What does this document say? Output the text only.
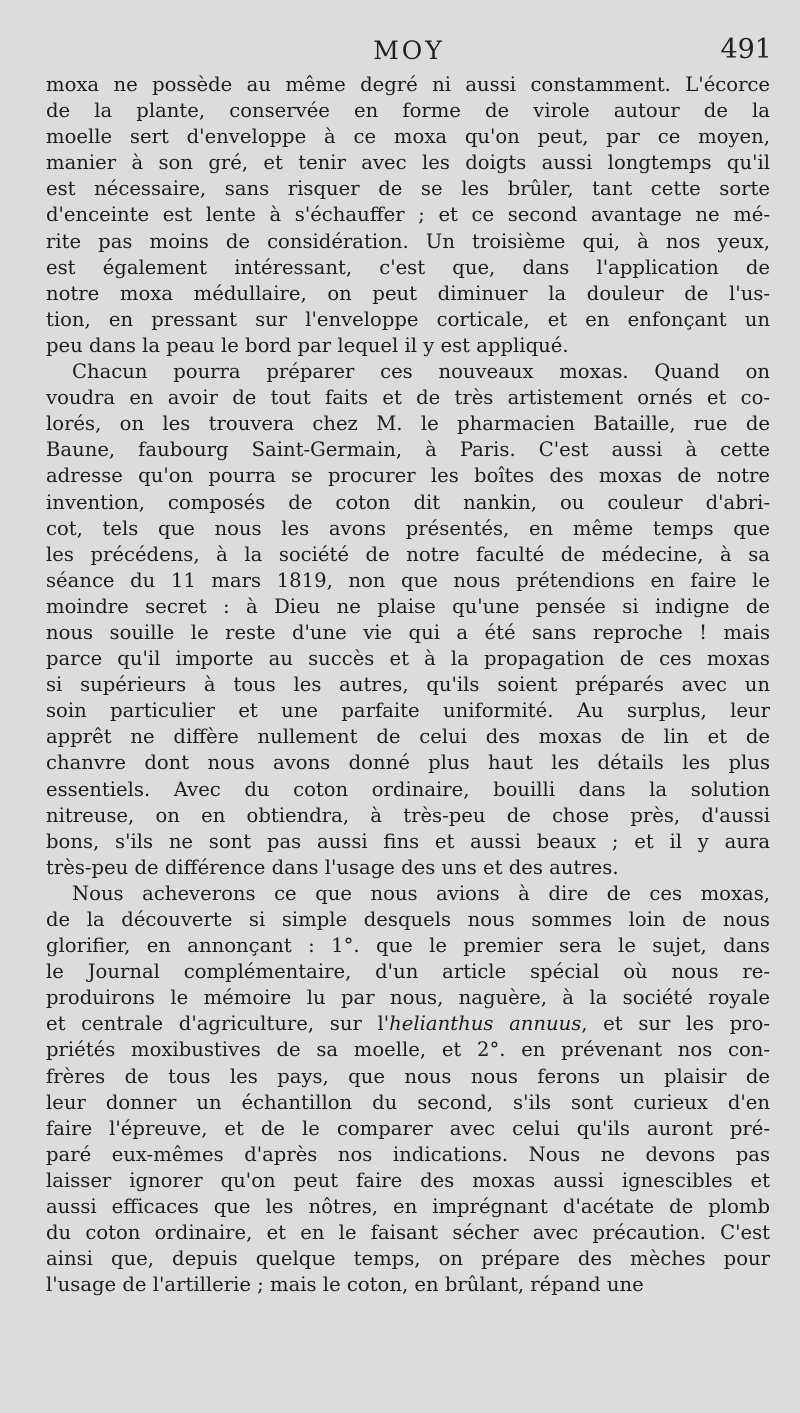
MOY	491
moxa ne possède au même degré ni aussi constamment. L'écorce
de la plante, conservée en forme de virole autour de la
moelle sert d'enveloppe à ce moxa qu'on peut, par ce moyen,
manier à son gré, et tenir avec les doigts aussi longtemps qu'il
est nécessaire, sans risquer de se les brûler, tant cette sorte
d'enceinte est lente à s'échauffer ; et ce second avantage ne mé-
rite pas moins de considération. Un troisième qui, à nos yeux,
est également intéressant, c'est que, dans l'application de
notre moxa médullaire, on peut diminuer la douleur de l'us-
tion, en pressant sur l'enveloppe corticale, et en enfonçant un
peu dans la peau le bord par lequel il y est appliqué.
Chacun pourra préparer ces nouveaux moxas. Quand on
voudra en avoir de tout faits et de très artistement ornés et co-
lorés, on les trouvera chez M. le pharmacien Bataille, rue de
Baune, faubourg Saint-Germain, à Paris. C'est aussi à cette
adresse qu'on pourra se procurer les boîtes des moxas de notre
invention, composés de coton dit nankin, ou couleur d'abri-
cot, tels que nous les avons présentés, en même temps que
les précédens, à la société de notre faculté de médecine, à sa
séance du 11 mars 1819, non que nous prétendions en faire le
moindre secret : à Dieu ne plaise qu'une pensée si indigne de
nous souille le reste d'une vie qui a été sans reproche ! mais
parce qu'il importe au succès et à la propagation de ces moxas
si supérieurs à tous les autres, qu'ils soient préparés avec un
soin particulier et une parfaite uniformité. Au surplus, leur
apprêt ne diffère nullement de celui des moxas de lin et de
chanvre dont nous avons donné plus haut les détails les plus
essentiels. Avec du coton ordinaire, bouilli dans la solution
nitreuse, on en obtiendra, à très-peu de chose près, d'aussi
bons, s'ils ne sont pas aussi fins et aussi beaux ; et il y aura
très-peu de différence dans l'usage des uns et des autres.
Nous acheverons ce que nous avions à dire de ces moxas,
de la découverte si simple desquels nous sommes loin de nous
glorifier, en annonçant : 1°. que le premier sera le sujet, dans
le Journal complémentaire, d'un article spécial où nous re-
produirons le mémoire lu par nous, naguère, à la société royale
et centrale d'agriculture, sur l'helianthus annuus, et sur les pro-
priétés moxibustives de sa moelle, et 2°. en prévenant nos con-
frères de tous les pays, que nous nous ferons un plaisir de
leur donner un échantillon du second, s'ils sont curieux d'en
faire l'épreuve, et de le comparer avec celui qu'ils auront pré-
paré eux-mêmes d'après nos indications. Nous ne devons pas
laisser ignorer qu'on peut faire des moxas aussi ignescibles et
aussi efficaces que les nôtres, en imprégnant d'acétate de plomb
du coton ordinaire, et en le faisant sécher avec précaution. C'est
ainsi que, depuis quelque temps, on prépare des mèches pour
l'usage de l'artillerie ; mais le coton, en brûlant, répand une
